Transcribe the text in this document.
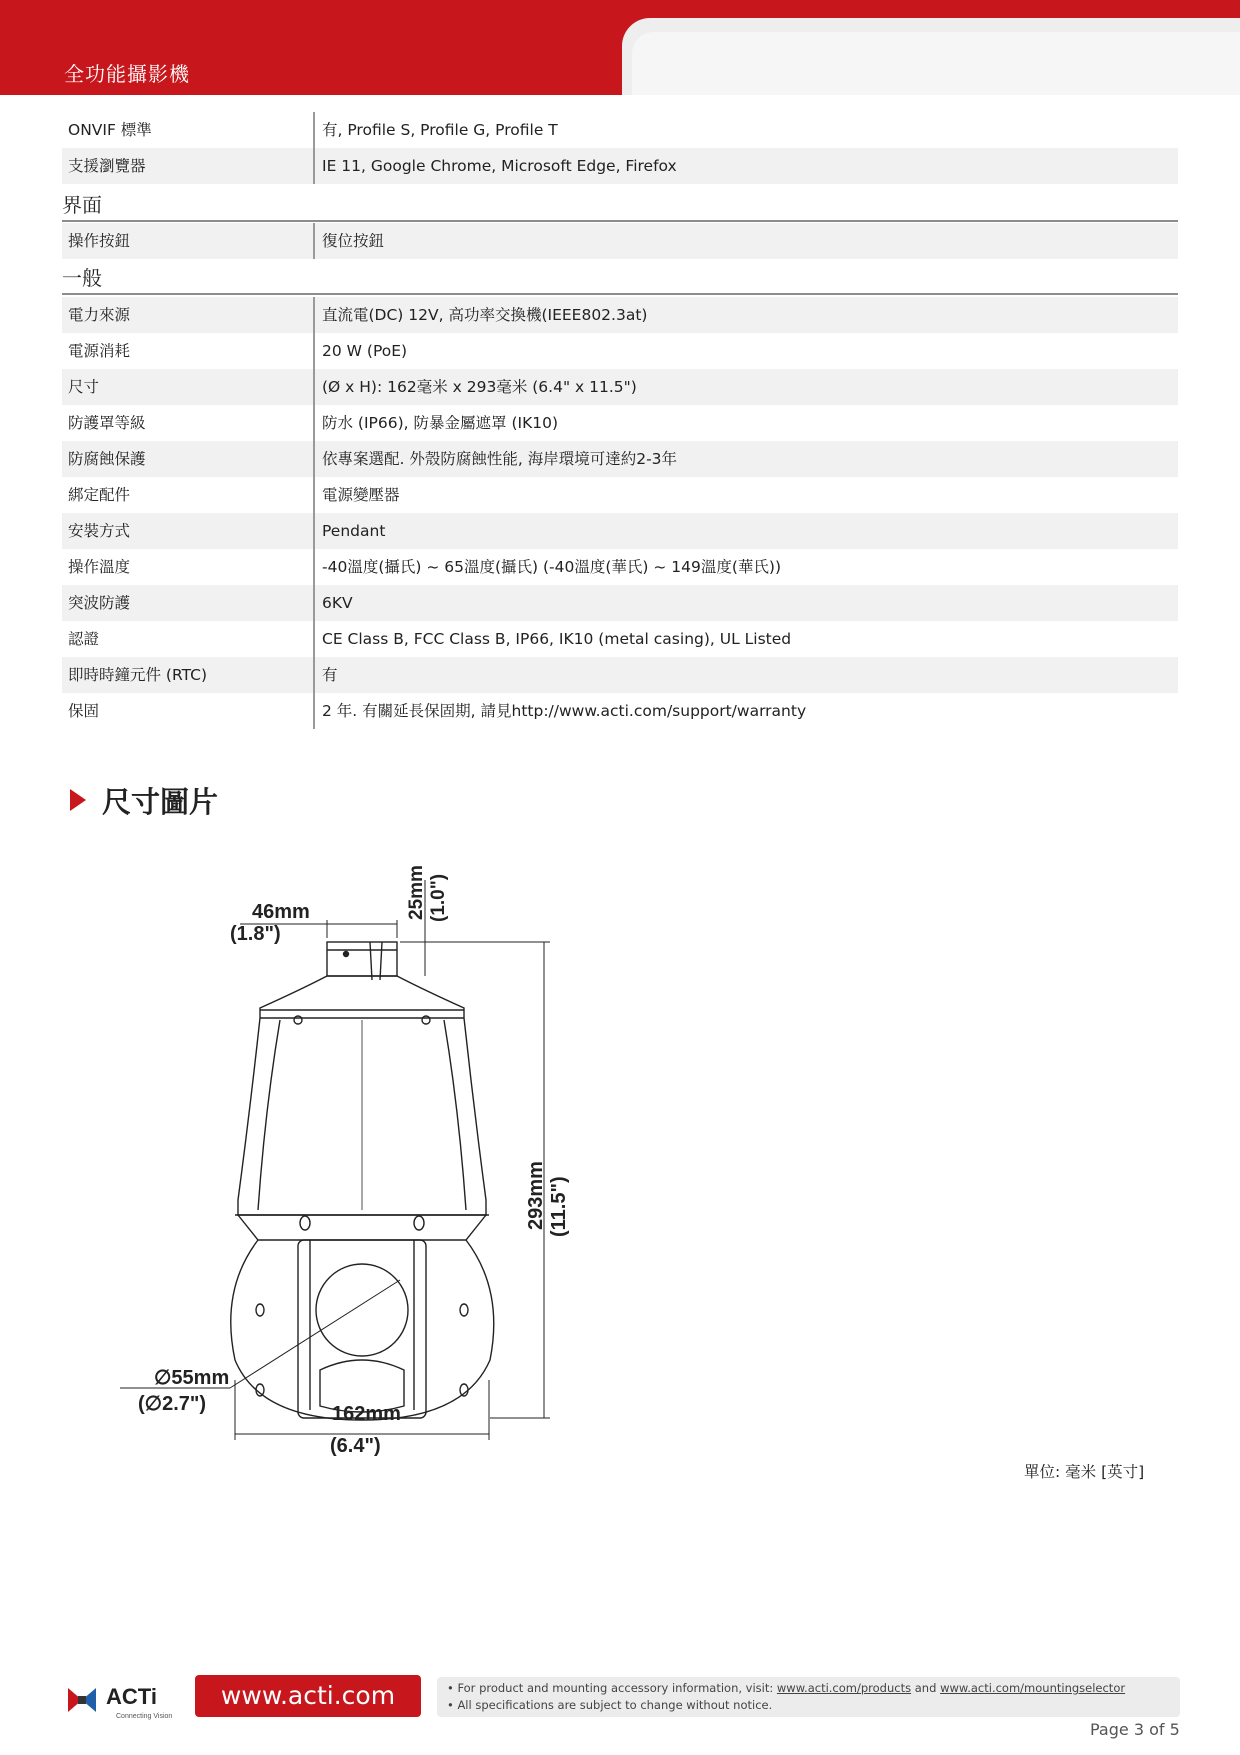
全功能攝影機
ONVIF 標準	有, Profile S, Profile G, Profile T
支援瀏覽器	IE 11, Google Chrome, Microsoft Edge, Firefox
界面
操作按鈕	復位按鈕
一般
電力來源	直流電(DC) 12V, 高功率交換機(IEEE802.3at)
電源消耗	20 W (PoE)
尺寸	(Ø x H): 162毫米 x 293毫米 (6.4" x 11.5")
防護罩等級	防水 (IP66), 防暴金屬遮罩 (IK10)
防腐蝕保護	依專案選配. 外殼防腐蝕性能, 海岸環境可達約2-3年
綁定配件	電源變壓器
安裝方式	Pendant
操作溫度	-40溫度(攝氏) ~ 65溫度(攝氏) (-40溫度(華氏) ~ 149溫度(華氏))
突波防護	6KV
認證	CE Class B, FCC Class B, IP66, IK10 (metal casing), UL Listed
即時時鐘元件 (RTC)	有
保固	2 年. 有關延長保固期, 請見http://www.acti.com/support/warranty
尺寸圖片
46mm
(1.8")
25mm (1.0")
293mm (11.5")
∅55mm
(∅2.7")	162mm
(6.4")
單位: 毫米 [英寸]
ACTi
Connecting Vision
www.acti.com	• For product and mounting accessory information, visit: www.acti.com/products and www.acti.com/mountingselector
• All specifications are subject to change without notice.
Page 3 of 5
